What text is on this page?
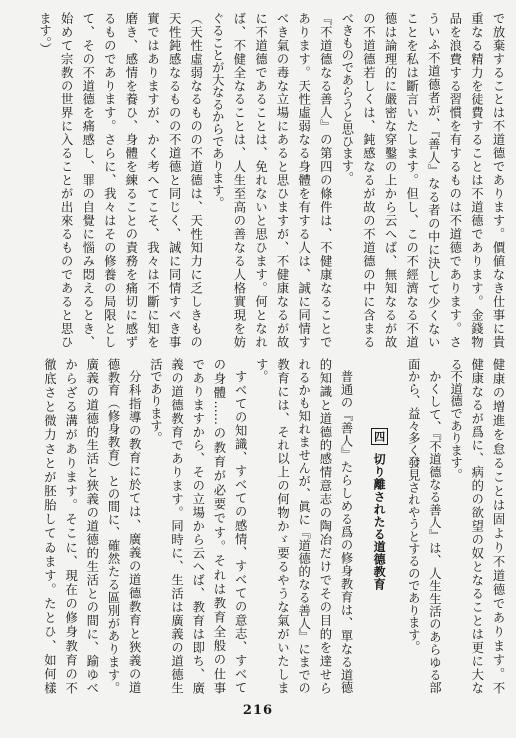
で放棄することは不道德であります。價値なき仕事に貴
重なる精力を徒費することは不道德であります。金錢物
品を浪費する習慣を有するものは不道德であります。さ
ういふ不道德者が、『善人』なる者の中に決して少くない
ことを私は斷言いたします。但し、この不經濟なる不道
德は論理的に嚴密な穿鑿の上から云へば、無知なるが故
の不道德若しくは、鈍感なるが故の不道德の中に含まる
べきものであらうと思ひます。
『不道德なる善人』の第四の條件は、不健康なることで
あります。天性虛弱なる身體を有する人は、誠に同情す
べき氣の毒な立場にあると思ひますが、不健康なるが故
に不道德であることは、免れないと思ひます。何となれ
ば、不健全なることは、人生至高の善なる人格實現を妨
ぐることが大なるからであります。
（天性虛弱なるものの不道德は、天性知力に乏しきもの
天性鈍感なるものの不道德と同じく、誠に同情すべき事
實ではありますが、かく考へてこそ、我々は不斷に知を
磨き、感情を養ひ、身體を練ることの責務を痛切に感ず
るものであります。さらに、我々はその修養の局限とし
て、その不道德を痛感し、罪の自覺に惱み悶えるとき、
始めて宗教の世界に入ることが出來るものであると思ひ
ます。）
健康の增進を怠ることは固より不道德であります。不
健康なるが爲に、病的の欲望の奴となることは更に大な
る不道德であります。
かくして、『不道德なる善人』は、人生生活のあらゆる部
面から、益々多く發見されやうとするのであります。
四
切り離されたる道德教育
普通の『善人』たらしめる爲の修身教育は、單なる道德
的知識と道德的感情意志の陶冶だけでその目的を達せら
れるかも知れませんが、眞に『道德的なる善人』にまでの
教育には、それ以上の何物かゞ要るやうな氣がいたしま
す。
すべての知識、すべての感情、すべての意志、すべて
の身體……の教育が必要です。それは教育全般の仕事
でありますから、その立場から云へば、教育は即ち、廣
義の道德教育であります。同時に、生活は廣義の道德生
活であります。
分科指導の教育に於ては、廣義の道德教育と狹義の道
德教育（修身教育）との間に、確然たる區別があります。
廣義の道德的生活と狹義の道德的生活との間に、踰ゆべ
からざる溝があります。そこに、現在の修身教育の不
徹底さと微力さとが胚胎してゐます。たとひ、如何樣
216
